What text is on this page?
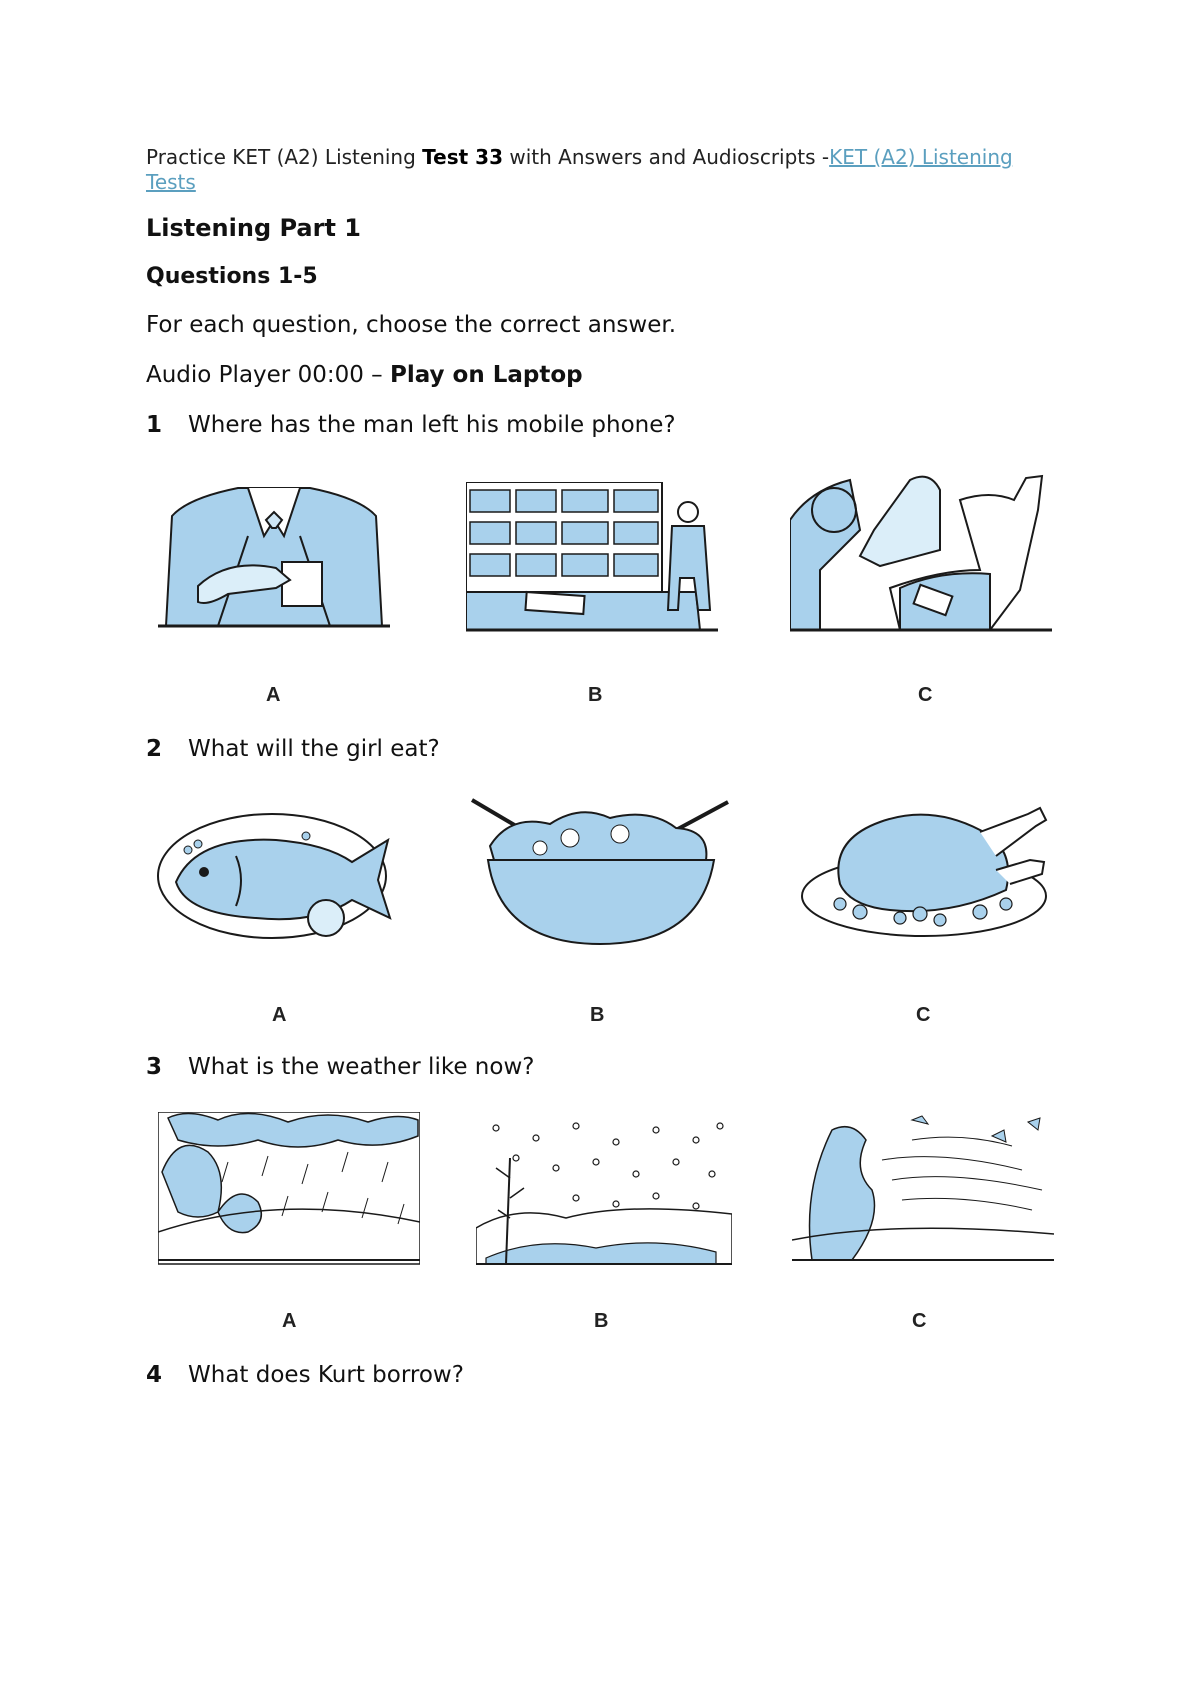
Practice KET (A2) Listening Test 33 with Answers and Audioscripts -KET (A2) Listening
Tests
Listening Part 1
Questions 1-5
For each question, choose the correct answer.
Audio Player 00:00 – Play on Laptop
1 Where has the man left his mobile phone?
A	B	C
2 What will the girl eat?
A	B	C
3 What is the weather like now?
A	B	C
4 What does Kurt borrow?
